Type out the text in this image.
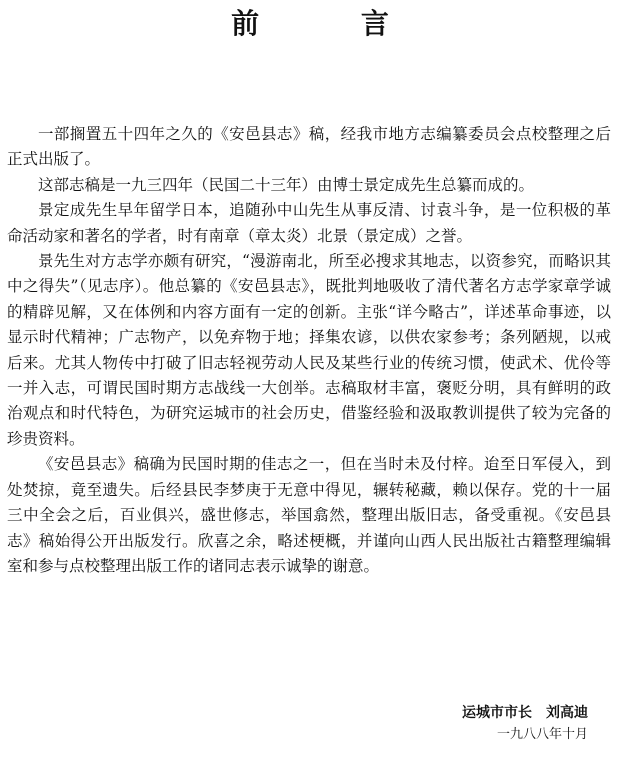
前 言

一部搁置五十四年之久的《安邑县志》稿，经我市地方志编纂委员会点校整理之后正式出版了。

这部志稿是一九三四年（民国二十三年）由博士景定成先生总纂而成的。

景定成先生早年留学日本，追随孙中山先生从事反清、讨袁斗争，是一位积极的革命活动家和著名的学者，时有南章（章太炎）北景（景定成）之誉。

景先生对方志学亦颇有研究，“漫游南北，所至必搜求其地志，以资参究，而略识其中之得失”（见志序）。他总纂的《安邑县志》，既批判地吸收了清代著名方志学家章学诚的精辟见解，又在体例和内容方面有一定的创新。主张“详今略古”，详述革命事迹，以显示时代精神；广志物产，以免弃物于地；择集农谚，以供农家参考；条列陋规，以戒后来。尤其人物传中打破了旧志轻视劳动人民及某些行业的传统习惯，使武术、优伶等一并入志，可谓民国时期方志战线一大创举。志稿取材丰富，褒贬分明，具有鲜明的政治观点和时代特色，为研究运城市的社会历史，借鉴经验和汲取教训提供了较为完备的珍贵资料。

《安邑县志》稿确为民国时期的佳志之一，但在当时未及付梓。迨至日军侵入，到处焚掠，竟至遗失。后经县民李梦庚于无意中得见，辗转秘藏，赖以保存。党的十一届三中全会之后，百业俱兴，盛世修志，举国翕然，整理出版旧志，备受重视。《安邑县志》稿始得公开出版发行。欣喜之余，略述梗概，并谨向山西人民出版社古籍整理编辑室和参与点校整理出版工作的诸同志表示诚挚的谢意。

运城市市长 刘高迪
一九八八年十月
